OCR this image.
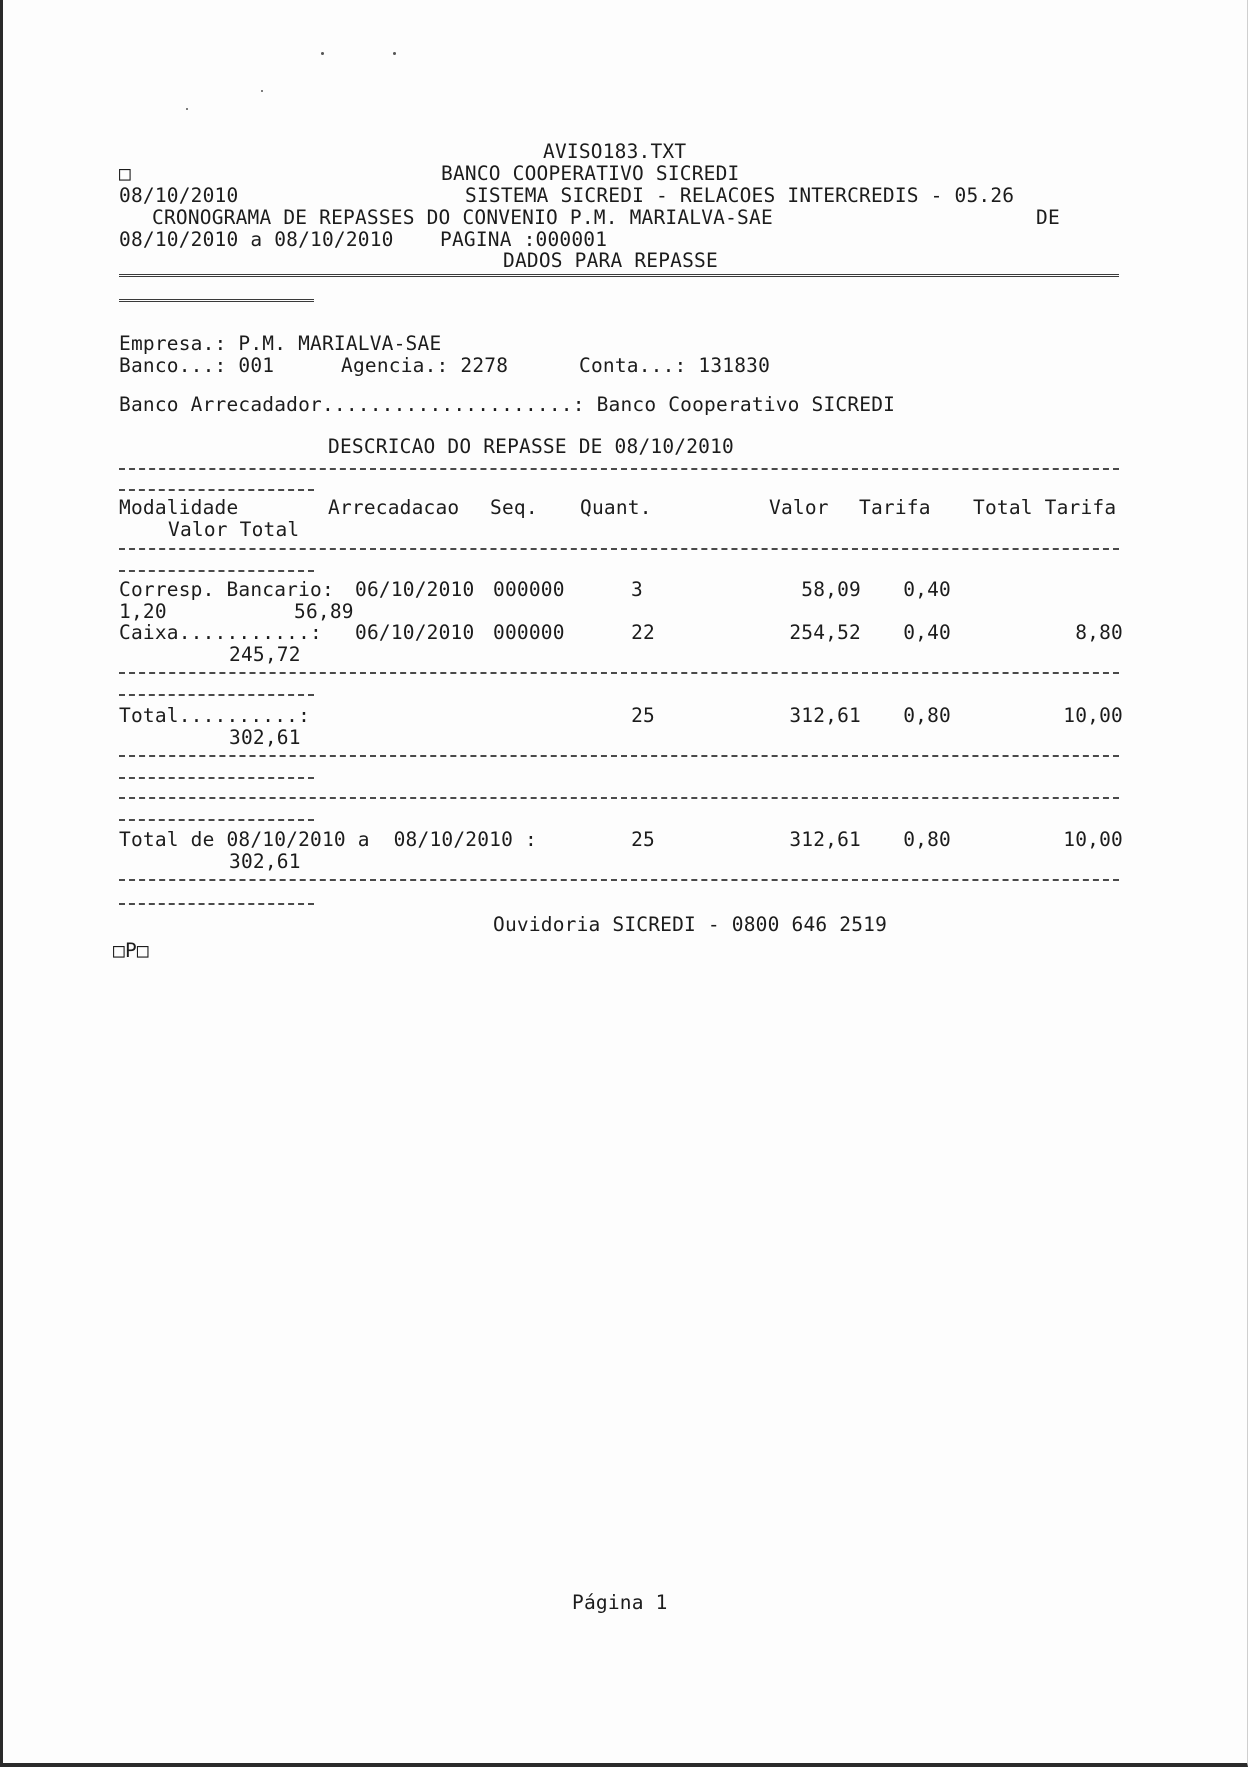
AVISO183.TXT
□	BANCO COOPERATIVO SICREDI
08/10/2010	SISTEMA SICREDI - RELACOES INTERCREDIS - 05.26
CRONOGRAMA DE REPASSES DO CONVENIO P.M. MARIALVA-SAE	DE
08/10/2010 a 08/10/2010 PAGINA :000001
DADOS PARA REPASSE
Empresa.: P.M. MARIALVA-SAE
Banco...: 001	Agencia.: 2278	Conta...: 131830
Banco Arrecadador.....................: Banco Cooperativo SICREDI
DESCRICAO DO REPASSE DE 08/10/2010
Modalidade	Arrecadacao Seq. Quant.	Valor Tarifa Total Tarifa
Valor Total
Corresp. Bancario: 06/10/2010 000000	3	58,09	0,40
1,20	56,89
Caixa...........: 06/10/2010 000000	22	254,52	0,40	8,80
245,72
Total..........:	25	312,61	0,80	10,00
302,61
Total de 08/10/2010 a  08/10/2010 :	25	312,61	0,80	10,00
302,61
Ouvidoria SICREDI - 0800 646 2519
□P□
Página 1
